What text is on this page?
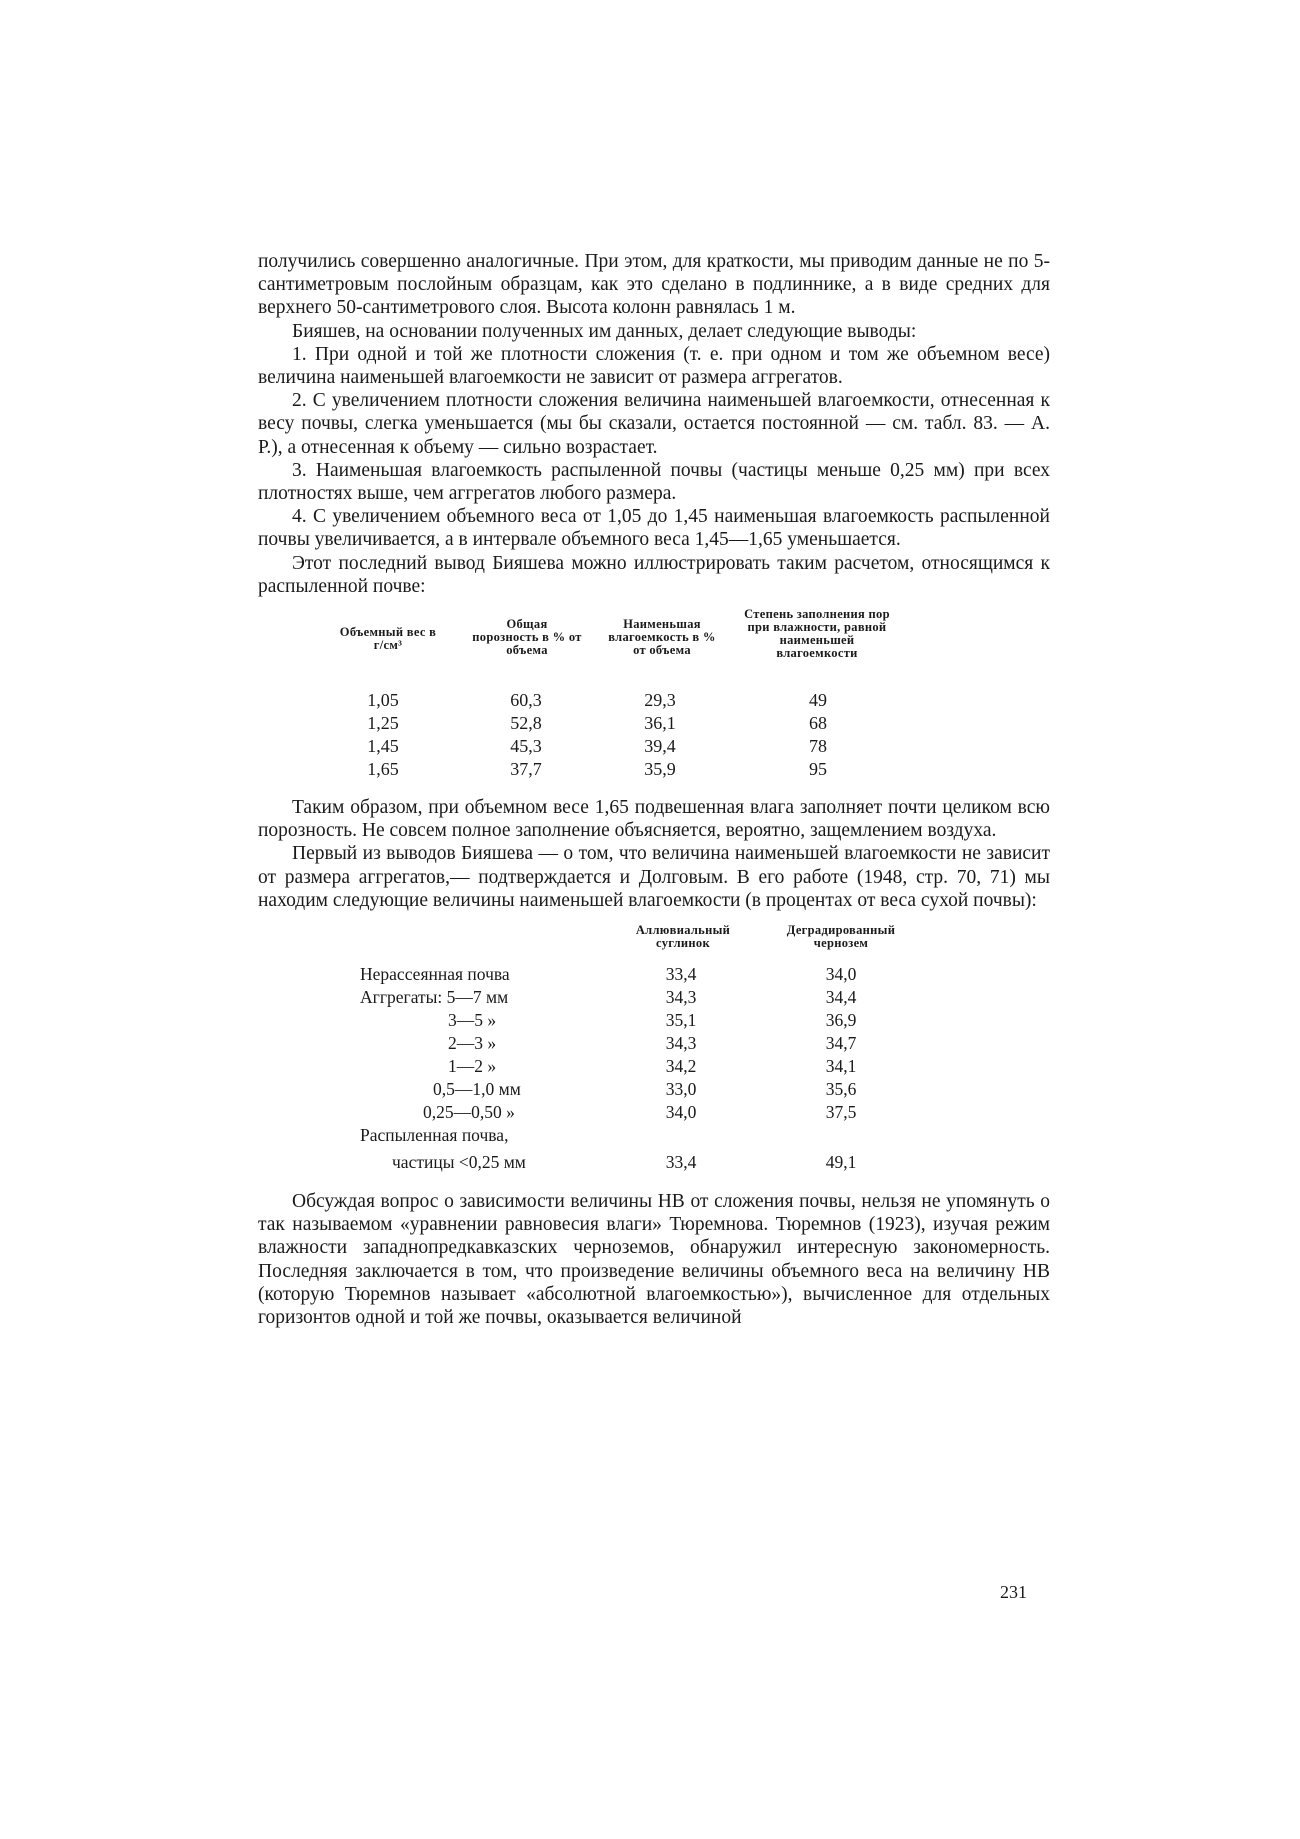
получились совершенно аналогичные. При этом, для краткости, мы приводим данные не по 5-сантиметровым послойным образцам, как это сделано в подлиннике, а в виде средних для верхнего 50-сантиметрового слоя. Высота колонн равнялась 1 м.

Бияшев, на основании полученных им данных, делает следующие выводы:

1. При одной и той же плотности сложения (т. е. при одном и том же объемном весе) величина наименьшей влагоемкости не зависит от размера аггрегатов.

2. С увеличением плотности сложения величина наименьшей влагоемкости, отнесенная к весу почвы, слегка уменьшается (мы бы сказали, остается постоянной — см. табл. 83. — А. Р.), а отнесенная к объему — сильно возрастает.

3. Наименьшая влагоемкость распыленной почвы (частицы меньше 0,25 мм) при всех плотностях выше, чем аггрегатов любого размера.

4. С увеличением объемного веса от 1,05 до 1,45 наименьшая влагоемкость распыленной почвы увеличивается, а в интервале объемного веса 1,45—1,65 уменьшается.

Этот последний вывод Бияшева можно иллюстрировать таким расчетом, относящимся к распыленной почве:

Объемный вес в г/см³
Общая порозность в % от объема
Наименьшая влагоемкость в % от объема
Степень заполнения пор при влажности, равной наименьшей влагоемкости
1,05	60,3	29,3	49
1,25	52,8	36,1	68
1,45	45,3	39,4	78
1,65	37,7	35,9	95

Таким образом, при объемном весе 1,65 подвешенная влага заполняет почти целиком всю порозность. Не совсем полное заполнение объясняется, вероятно, защемлением воздуха.

Первый из выводов Бияшева — о том, что величина наименьшей влагоемкости не зависит от размера аггрегатов,— подтверждается и Долговым. В его работе (1948, стр. 70, 71) мы находим следующие величины наименьшей влагоемкости (в процентах от веса сухой почвы):

Аллювиальный суглинок
Деградированный чернозем
Нерассеянная почва	33,4	34,0
Аггрегаты: 5—7 мм	34,3	34,4
3—5 »	35,1	36,9
2—3 »	34,3	34,7
1—2 »	34,2	34,1
0,5—1,0 мм	33,0	35,6
0,25—0,50 »	34,0	37,5
Распыленная почва,
частицы <0,25 мм	33,4	49,1

Обсуждая вопрос о зависимости величины НВ от сложения почвы, нельзя не упомянуть о так называемом «уравнении равновесия влаги» Тюремнова. Тюремнов (1923), изучая режим влажности западнопредкавказских черноземов, обнаружил интересную закономерность. Последняя заключается в том, что произведение величины объемного веса на величину НВ (которую Тюремнов называет «абсолютной влагоемкостью»), вычисленное для отдельных горизонтов одной и той же почвы, оказывается величиной

231
